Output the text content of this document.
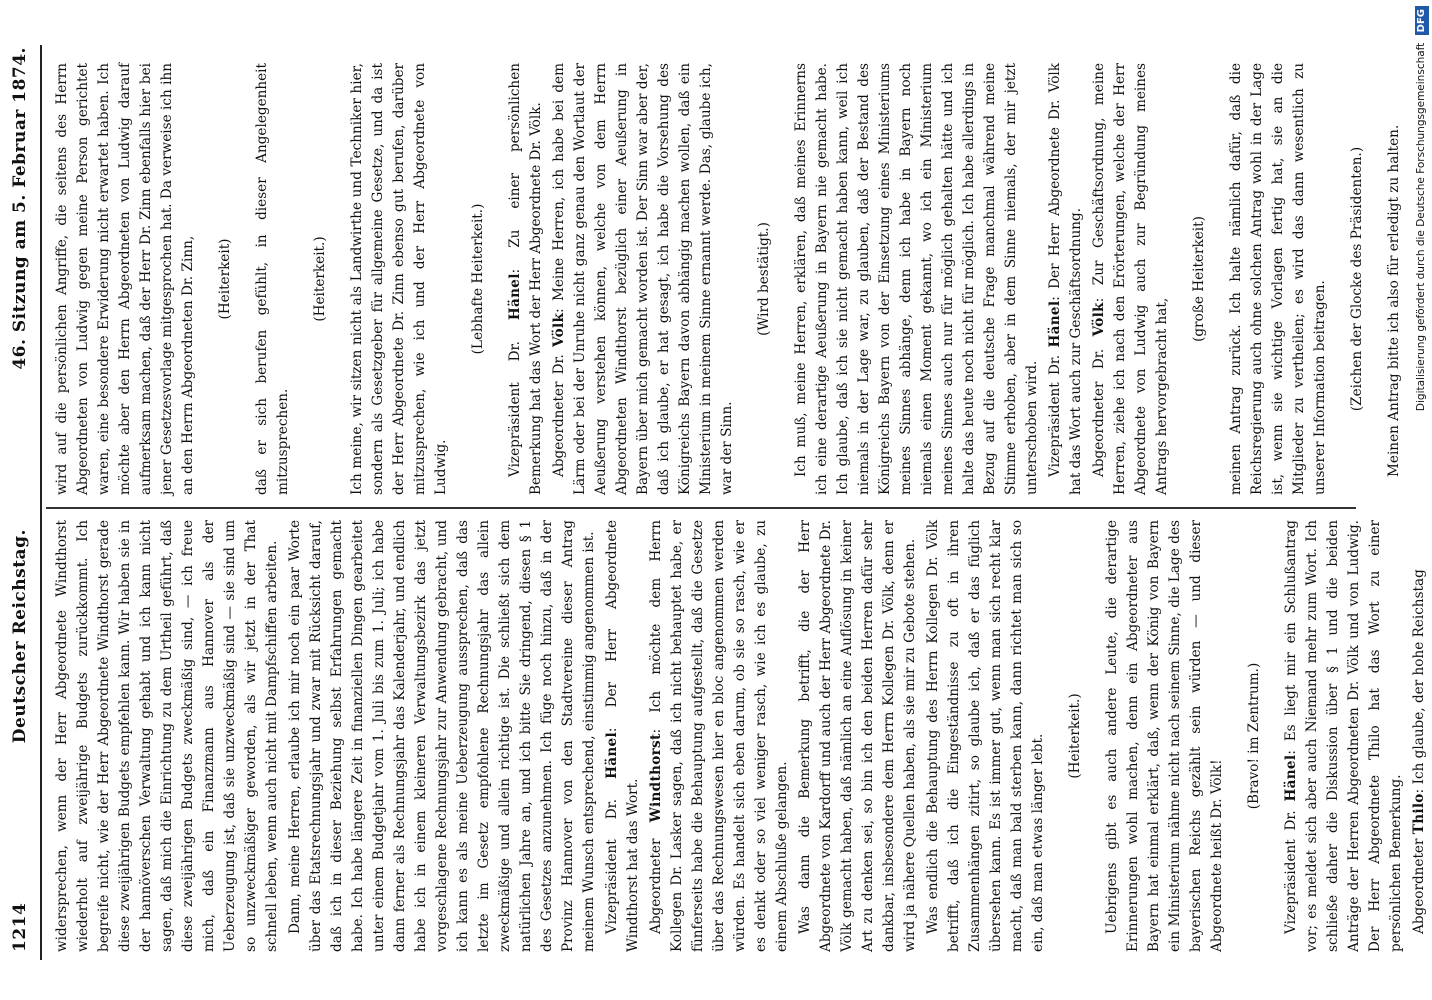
1214
Deutscher Reichstag.
46. Sitzung am 5. Februar 1874.

widersprechen, wenn der Herr Abgeordnete Windthorst wiederholt auf zweijährige Budgets zurückkommt. Ich begreife nicht, wie der Herr Abgeordnete Windthorst gerade diese zweijährigen Budgets empfehlen kann. Wir haben sie in der hannöverschen Verwaltung gehabt und ich kann nicht sagen, daß mich die Einrichtung zu dem Urtheil geführt, daß diese zweijährigen Budgets zweckmäßig sind, — ich freue mich, daß ein Finanzmann aus Hannover als der Ueberzeugung ist, daß sie unzweckmäßig sind — sie sind um so unzweckmäßiger geworden, als wir jetzt in der That schnell leben, wenn auch nicht mit Dampfschiffen arbeiten. Dann, meine Herren, erlaube ich mir noch ein paar Worte über das Etatsrechnungsjahr und zwar mit Rücksicht darauf, daß ich in dieser Beziehung selbst Erfahrungen gemacht habe. Ich habe längere Zeit in finanziellen Dingen gearbeitet unter einem Budgetjahr vom 1. Juli bis zum 1. Juli; ich habe dann ferner als Rechnungsjahr das Kalenderjahr, und endlich habe ich in einem kleineren Verwaltungsbezirk das jetzt vorgeschlagene Rechnungsjahr zur Anwendung gebracht, und ich kann es als meine Ueberzeugung aussprechen, daß das letzte im Gesetz empfohlene Rechnungsjahr das allein zweckmäßige und allein richtige ist. Die schließt sich dem natürlichen Jahre an, und ich bitte Sie dringend, diesen § 1 des Gesetzes anzunehmen. Ich füge noch hinzu, daß in der Provinz Hannover von den Stadtvereine dieser Antrag meinem Wunsch entsprechend, einstimmig angenommen ist. Vizepräsident Dr. Hänel: Der Herr Abgeordnete Windthorst hat das Wort. Abgeordneter Windthorst: Ich möchte dem Herrn Kollegen Dr. Lasker sagen, daß ich nicht behauptet habe, er fünferseits habe die Behauptung aufgestellt, daß die Gesetze über das Rechnungswesen hier en bloc angenommen werden würden. Es handelt sich eben darum, ob sie so rasch, wie er es denkt oder so viel weniger rasch, wie ich es glaube, zu einem Abschluße gelangen. Was dann die Bemerkung betrifft, die der Herr Abgeordnete von Kardorff und auch der Herr Abgeordnete Dr. Völk gemacht haben, daß nämlich an eine Auflösung in keiner Art zu denken sei, so bin ich den beiden Herren dafür sehr dankbar, insbesondere dem Herrn Kollegen Dr. Völk, denn er wird ja nähere Quellen haben, als sie mir zu Gebote stehen. Was endlich die Behauptung des Herrn Kollegen Dr. Völk betrifft, daß ich die Eingeständnisse zu oft in ihren Zusammenhängen zitirt, so glaube ich, daß er das füglich übersehen kann. Es ist immer gut, wenn man sich recht klar macht, daß man bald sterben kann, dann richtet man sich so ein, daß man etwas länger lebt. (Heiterkeit.) Uebrigens gibt es auch andere Leute, die derartige Erinnerungen wohl machen, denn ein Abgeordneter aus Bayern hat einmal erklärt, daß, wenn der König von Bayern ein Ministerium nähme nicht nach seinem Sinne, die Lage des bayerischen Reichs gezählt sein würden — und dieser Abgeordnete heißt Dr. Völk!

(Bravo! im Zentrum.)

Vizepräsident Dr. Hänel: Es liegt mir ein Schlußantrag vor; es meldet sich aber auch Niemand mehr zum Wort. Ich schließe daher die Diskussion über § 1 und die beiden Anträge der Herren Abgeordneten Dr. Völk und von Ludwig. Der Herr Abgeordnete Thilo hat das Wort zu einer persönlichen Bemerkung. Abgeordneter Thilo: Ich glaube, der hohe Reichstag

wird auf die persönlichen Angriffe, die seitens des Herrn Abgeordneten von Ludwig gegen meine Person gerichtet waren, eine besondere Erwiderung nicht erwartet haben. Ich möchte aber den Herrn Abgeordneten von Ludwig darauf aufmerksam machen, daß der Herr Dr. Zinn ebenfalls hier bei jener Gesetzesvorlage mitgesprochen hat. Da verweise ich ihn an den Herrn Abgeordneten Dr. Zinn, (Heiterkeit) daß er sich berufen gefühlt, in dieser Angelegenheit mitzusprechen.

(Heiterkeit.) Ich meine, wir sitzen nicht als Landwirthe und Techniker hier, sondern als Gesetzgeber für allgemeine Gesetze, und da ist der Herr Abgeordnete Dr. Zinn ebenso gut berufen, darüber mitzusprechen, wie ich und der Herr Abgeordnete von Ludwig.

(Lebhafte Heiterkeit.)

Vizepräsident Dr. Hänel: Zu einer persönlichen Bemerkung hat das Wort der Herr Abgeordnete Dr. Völk. Abgeordneter Dr. Völk: Meine Herren, ich habe bei dem Lärm oder bei der Unruhe nicht ganz genau den Wortlaut der Aeußerung verstehen können, welche von dem Herrn Abgeordneten Windthorst bezüglich einer Aeußerung in Bayern über mich gemacht worden ist. Der Sinn war aber der, daß ich glaube, er hat gesagt, ich habe die Vorsehung des Königreichs Bayern davon abhängig machen wollen, daß ein Ministerium in meinem Sinne ernannt werde. Das, glaube ich, war der Sinn.

(Wird bestätigt.) Ich muß, meine Herren, erklären, daß meines Erinnerns ich eine derartige Aeußerung in Bayern nie gemacht habe. Ich glaube, daß ich sie nicht gemacht haben kann, weil ich niemals in der Lage war, zu glauben, daß der Bestand des Königreichs Bayern von der Einsetzung eines Ministeriums meines Sinnes abhänge, denn ich habe in Bayern noch niemals einen Moment gekannt, wo ich ein Ministerium meines Sinnes auch nur für möglich gehalten hätte und ich halte das heute noch nicht für möglich. Ich habe allerdings in Bezug auf die deutsche Frage manchmal während meine Stimme erhoben, aber in dem Sinne niemals, der mir jetzt unterschoben wird. Vizepräsident Dr. Hänel: Der Herr Abgeordnete Dr. Völk hat das Wort auch zur Geschäftsordnung. Abgeordneter Dr. Völk: Zur Geschäftsordnung, meine Herren, ziehe ich nach den Erörterungen, welche der Herr Abgeordnete von Ludwig auch zur Begründung meines Antrags hervorgebracht hat,

(große Heiterkeit) meinen Antrag zurück. Ich halte nämlich dafür, daß die Reichsregierung auch ohne solchen Antrag wohl in der Lage ist, wenn sie wichtige Vorlagen fertig hat, sie an die Mitglieder zu vertheilen; es wird das dann wesentlich zu unserer Information beitragen. (Zeichen der Glocke des Präsidenten.) Meinen Antrag bitte ich also für erledigt zu halten. Digitalisierung gefördert durch die Deutsche Forschungsgemeinschaft DFG
